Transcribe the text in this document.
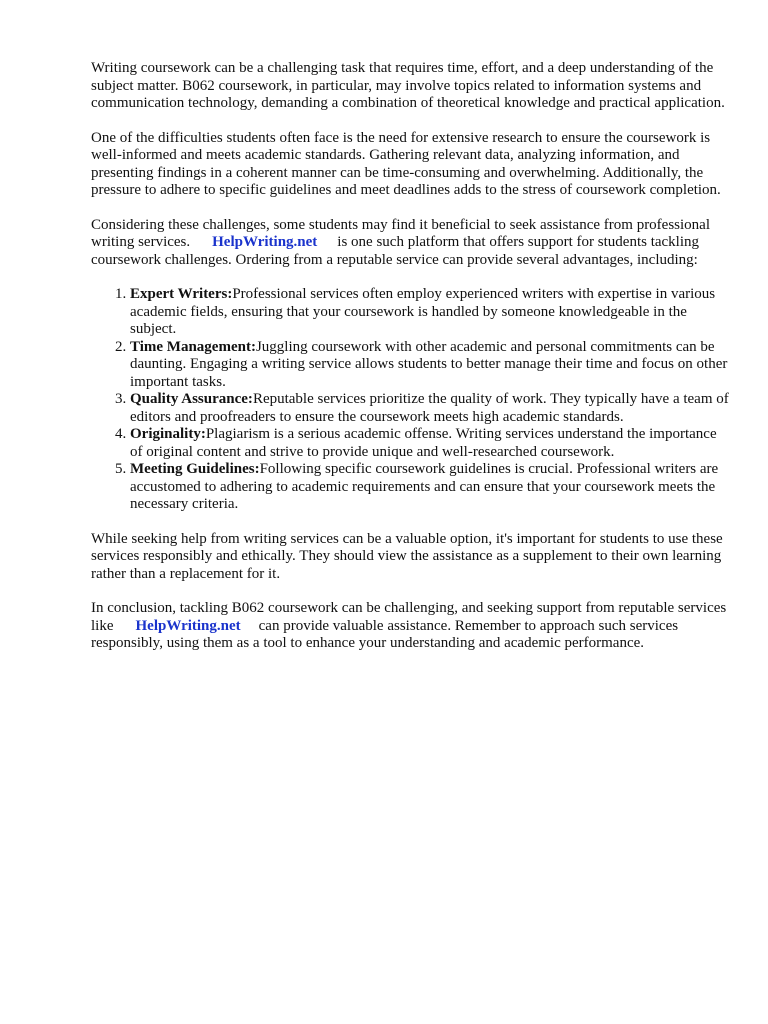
Writing coursework can be a challenging task that requires time, effort, and a deep understanding of the subject matter. B062 coursework, in particular, may involve topics related to information systems and communication technology, demanding a combination of theoretical knowledge and practical application.

One of the difficulties students often face is the need for extensive research to ensure the coursework is well-informed and meets academic standards. Gathering relevant data, analyzing information, and presenting findings in a coherent manner can be time-consuming and overwhelming. Additionally, the pressure to adhere to specific guidelines and meet deadlines adds to the stress of coursework completion.

Considering these challenges, some students may find it beneficial to seek assistance from professional writing services. HelpWriting.net is one such platform that offers support for students tackling coursework challenges. Ordering from a reputable service can provide several advantages, including:

1. Expert Writers:Professional services often employ experienced writers with expertise in various academic fields, ensuring that your coursework is handled by someone knowledgeable in the subject.
2. Time Management:Juggling coursework with other academic and personal commitments can be daunting. Engaging a writing service allows students to better manage their time and focus on other important tasks.
3. Quality Assurance:Reputable services prioritize the quality of work. They typically have a team of editors and proofreaders to ensure the coursework meets high academic standards.
4. Originality:Plagiarism is a serious academic offense. Writing services understand the importance of original content and strive to provide unique and well-researched coursework.
5. Meeting Guidelines:Following specific coursework guidelines is crucial. Professional writers are accustomed to adhering to academic requirements and can ensure that your coursework meets the necessary criteria.

While seeking help from writing services can be a valuable option, it's important for students to use these services responsibly and ethically. They should view the assistance as a supplement to their own learning rather than a replacement for it.

In conclusion, tackling B062 coursework can be challenging, and seeking support from reputable services like HelpWriting.net can provide valuable assistance. Remember to approach such services responsibly, using them as a tool to enhance your understanding and academic performance.
